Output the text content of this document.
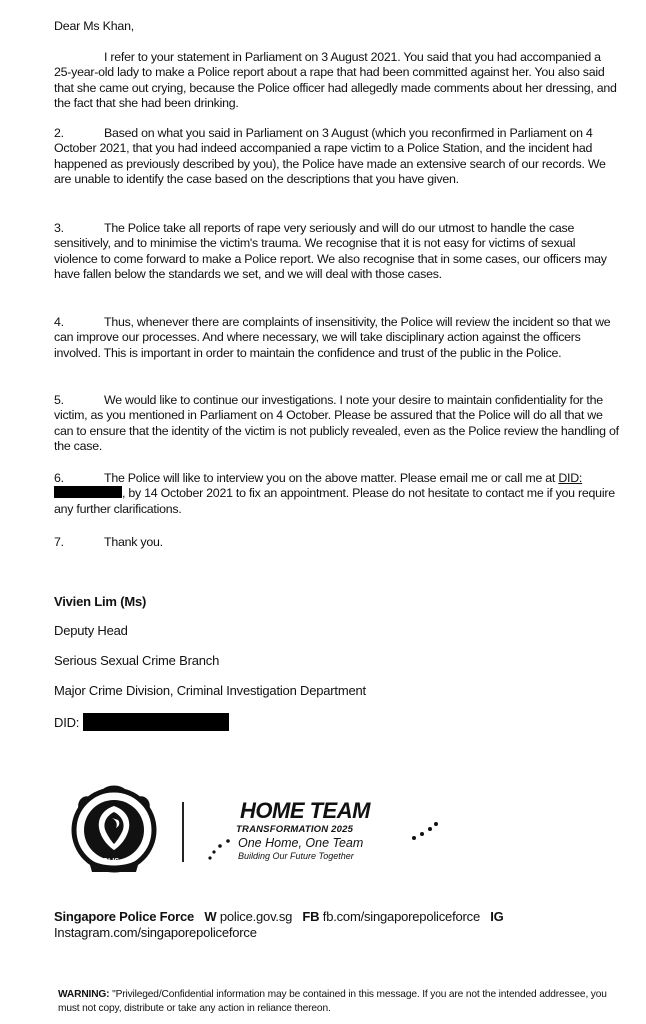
Dear Ms Khan,

I refer to your statement in Parliament on 3 August 2021. You said that you had accompanied a 25-year-old lady to make a Police report about a rape that had been committed against her. You also said that she came out crying, because the Police officer had allegedly made comments about her dressing, and the fact that she had been drinking.

2.	Based on what you said in Parliament on 3 August (which you reconfirmed in Parliament on 4 October 2021, that you had indeed accompanied a rape victim to a Police Station, and the incident had happened as previously described by you), the Police have made an extensive search of our records. We are unable to identify the case based on the descriptions that you have given.

3.	The Police take all reports of rape very seriously and will do our utmost to handle the case sensitively, and to minimise the victim's trauma. We recognise that it is not easy for victims of sexual violence to come forward to make a Police report. We also recognise that in some cases, our officers may have fallen below the standards we set, and we will deal with those cases.

4.	Thus, whenever there are complaints of insensitivity, the Police will review the incident so that we can improve our processes. And where necessary, we will take disciplinary action against the officers involved. This is important in order to maintain the confidence and trust of the public in the Police.

5.	We would like to continue our investigations. I note your desire to maintain confidentiality for the victim, as you mentioned in Parliament on 4 October. Please be assured that the Police will do all that we can to ensure that the identity of the victim is not publicly revealed, even as the Police review the handling of the case.

6.	The Police will like to interview you on the above matter. Please email me or call me at DID:, by 14 October 2021 to fix an appointment. Please do not hesitate to contact me if you require any further clarifications.

7.	Thank you.

Vivien Lim (Ms)
Deputy Head
Serious Sexual Crime Branch
Major Crime Division, Criminal Investigation Department
DID:
POLIS
HOME TEAM
TRANSFORMATION 2025
One Home, One Team
Building Our Future Together
Singapore Police Force W police.gov.sg FB fb.com/singaporepoliceforce IG
Instagram.com/singaporepoliceforce
WARNING: "Privileged/Confidential information may be contained in this message. If you are not the intended addressee, you must not copy, distribute or take any action in reliance thereon.
